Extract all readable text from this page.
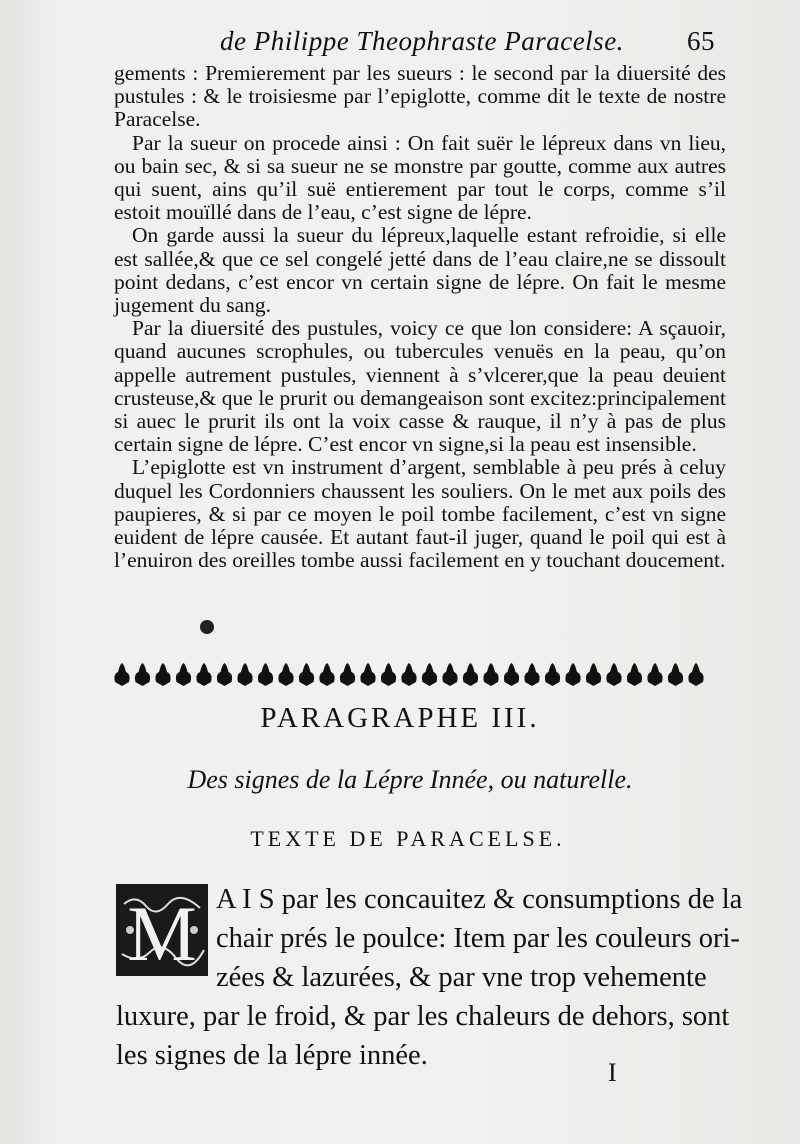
de Philippe Theophraste Paracelse. 65

gements : Premierement par les sueurs : le second par la diuersité des pustules : & le troisiesme par l’epiglotte, comme dit le texte de nostre Paracelse.

Par la sueur on procede ainsi : On fait suër le lépreux dans vn lieu, ou bain sec, & si sa sueur ne se monstre par goutte, comme aux autres qui suent, ains qu’il suë entierement par tout le corps, comme s’il estoit mouïllé dans de l’eau, c’est signe de lépre.

On garde aussi la sueur du lépreux,laquelle estant refroidie, si elle est sallée,& que ce sel congelé jetté dans de l’eau claire,ne se dissoult point dedans, c’est encor vn certain signe de lépre. On fait le mesme jugement du sang.

Par la diuersité des pustules, voicy ce que lon considere: A sçauoir, quand aucunes scrophules, ou tubercules venuës en la peau, qu’on appelle autrement pustules, viennent à s’vlcerer,que la peau deuient crusteuse,& que le prurit ou demangeaison sont excitez:principalement si auec le prurit ils ont la voix casse & rauque, il n’y à pas de plus certain signe de lépre. C’est encor vn signe,si la peau est insensible.

L’epiglotte est vn instrument d’argent, semblable à peu prés à celuy duquel les Cordonniers chaussent les souliers. On le met aux poils des paupieres, & si par ce moyen le poil tombe facilement, c’est vn signe euident de lépre causée. Et autant faut-il juger, quand le poil qui est à l’enuiron des oreilles tombe aussi facilement en y touchant doucement.

PARAGRAPHE III.
Des signes de la Lépre Innée, ou naturelle.
TEXTE DE PARACELSE.
M A I S par les concauitez & consumptions de la
chair prés le poulce: Item par les couleurs ori-
zées & lazurées, & par vne trop vehemente
luxure, par le froid, & par les chaleurs de dehors, sont
les signes de la lépre innée.
I
